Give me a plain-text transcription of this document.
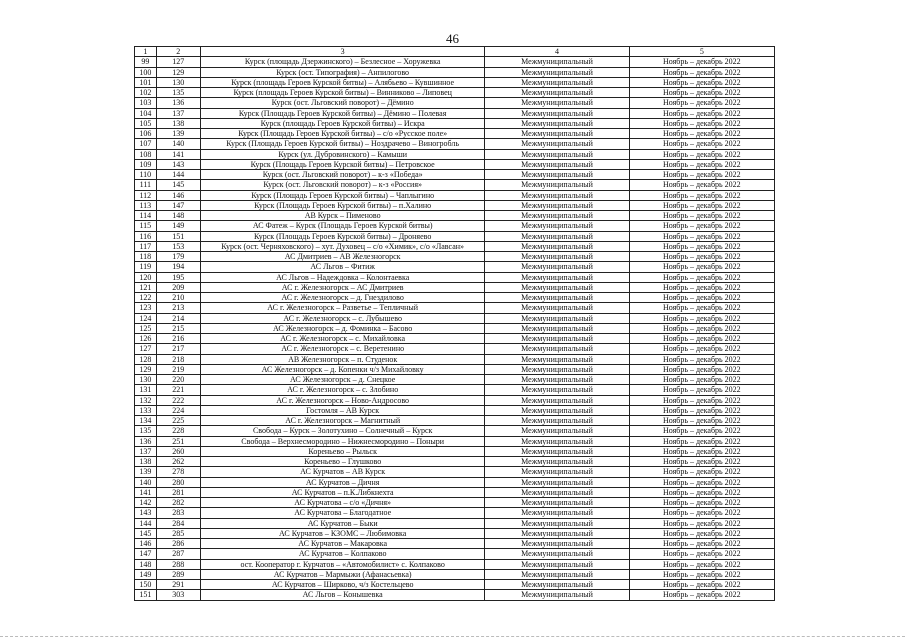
46
1	2	3	4	5
99	127	Курск (площадь Дзержинского) – Безлесное – Хоружевка	Межмуниципальный	Ноябрь – декабрь 2022
100	129	Курск (ост. Типография) – Анпилогово	Межмуниципальный	Ноябрь – декабрь 2022
101	130	Курск (площадь Героев Курской битвы) – Алябьево – Кувшинное	Межмуниципальный	Ноябрь – декабрь 2022
102	135	Курск (площадь Героев Курской битвы) – Винниково – Липовец	Межмуниципальный	Ноябрь – декабрь 2022
103	136	Курск (ост. Льговский поворот) – Дёмино	Межмуниципальный	Ноябрь – декабрь 2022
104	137	Курск (Площадь Героев Курской битвы) – Дёмино – Полевая	Межмуниципальный	Ноябрь – декабрь 2022
105	138	Курск (площадь Героев Курской битвы) – Искра	Межмуниципальный	Ноябрь – декабрь 2022
106	139	Курск (Площадь Героев Курской битвы) – с/о «Русское поле»	Межмуниципальный	Ноябрь – декабрь 2022
107	140	Курск (Площадь Героев Курской битвы) – Ноздрачево – Виногробль	Межмуниципальный	Ноябрь – декабрь 2022
108	141	Курск (ул. Дубровинского) – Камыши	Межмуниципальный	Ноябрь – декабрь 2022
109	143	Курск (Площадь Героев Курской битвы) – Петровское	Межмуниципальный	Ноябрь – декабрь 2022
110	144	Курск (ост. Льговский поворот) – к-з «Победа»	Межмуниципальный	Ноябрь – декабрь 2022
111	145	Курск (ост. Льговский поворот) – к-з «Россия»	Межмуниципальный	Ноябрь – декабрь 2022
112	146	Курск (Площадь Героев Курской битвы) – Чаплыгино	Межмуниципальный	Ноябрь – декабрь 2022
113	147	Курск (Площадь Героев Курской битвы) – п.Халино	Межмуниципальный	Ноябрь – декабрь 2022
114	148	АВ Курск – Пименово	Межмуниципальный	Ноябрь – декабрь 2022
115	149	АС Фатеж – Курск (Площадь Героев Курской битвы)	Межмуниципальный	Ноябрь – декабрь 2022
116	151	Курск (Площадь Героев Курской битвы) – Дроняево	Межмуниципальный	Ноябрь – декабрь 2022
117	153	Курск (ост. Черняховского) – хут. Духовец – с/о «Химик», с/о «Лавсан»	Межмуниципальный	Ноябрь – декабрь 2022
118	179	АС Дмитриев – АВ Железногорск	Межмуниципальный	Ноябрь – декабрь 2022
119	194	АС Льгов – Фитиж	Межмуниципальный	Ноябрь – декабрь 2022
120	195	АС Льгов – Надеждовка – Колонтаевка	Межмуниципальный	Ноябрь – декабрь 2022
121	209	АС г. Железногорск – АС Дмитриев	Межмуниципальный	Ноябрь – декабрь 2022
122	210	АС г. Железногорск – д. Гнездилово	Межмуниципальный	Ноябрь – декабрь 2022
123	213	АС г. Железногорск – Разветье – Тепличный	Межмуниципальный	Ноябрь – декабрь 2022
124	214	АС г. Железногорск – с. Лубышево	Межмуниципальный	Ноябрь – декабрь 2022
125	215	АС Железногорск – д. Фоминка – Басово	Межмуниципальный	Ноябрь – декабрь 2022
126	216	АС г. Железногорск – с. Михайловка	Межмуниципальный	Ноябрь – декабрь 2022
127	217	АС г. Железногорск – с. Веретенино	Межмуниципальный	Ноябрь – декабрь 2022
128	218	АВ Железногорск – п. Студенок	Межмуниципальный	Ноябрь – декабрь 2022
129	219	АС Железногорск – д. Копенки ч/з Михайловку	Межмуниципальный	Ноябрь – декабрь 2022
130	220	АС Железногорск – д. Снецкое	Межмуниципальный	Ноябрь – декабрь 2022
131	221	АС г. Железногорск – с. Злобино	Межмуниципальный	Ноябрь – декабрь 2022
132	222	АС г. Железногорск – Ново-Андросово	Межмуниципальный	Ноябрь – декабрь 2022
133	224	Гостомля – АВ Курск	Межмуниципальный	Ноябрь – декабрь 2022
134	225	АС г. Железногорск – Магнитный	Межмуниципальный	Ноябрь – декабрь 2022
135	228	Свобода – Курск – Золотухино – Солнечный – Курск	Межмуниципальный	Ноябрь – декабрь 2022
136	251	Свобода – Верхнесмородино – Нижнесмородино – Поныри	Межмуниципальный	Ноябрь – декабрь 2022
137	260	Кореньево – Рыльск	Межмуниципальный	Ноябрь – декабрь 2022
138	262	Кореньево – Глушково	Межмуниципальный	Ноябрь – декабрь 2022
139	278	АС Курчатов – АВ Курск	Межмуниципальный	Ноябрь – декабрь 2022
140	280	АС Курчатов – Дичня	Межмуниципальный	Ноябрь – декабрь 2022
141	281	АС Курчатов – п.К.Либкнехта	Межмуниципальный	Ноябрь – декабрь 2022
142	282	АС Курчатова – с/о «Дичня»	Межмуниципальный	Ноябрь – декабрь 2022
143	283	АС Курчатова – Благодатное	Межмуниципальный	Ноябрь – декабрь 2022
144	284	АС Курчатов – Быки	Межмуниципальный	Ноябрь – декабрь 2022
145	285	АС Курчатов – КЗОМС – Любимовка	Межмуниципальный	Ноябрь – декабрь 2022
146	286	АС Курчатов – Макаровка	Межмуниципальный	Ноябрь – декабрь 2022
147	287	АС Курчатов – Колпаково	Межмуниципальный	Ноябрь – декабрь 2022
148	288	ост. Кооператор г. Курчатов – «Автомобилист» с. Колпаково	Межмуниципальный	Ноябрь – декабрь 2022
149	289	АС Курчатов – Мармыжи (Афанасьевка)	Межмуниципальный	Ноябрь – декабрь 2022
150	291	АС Курчатов – Ширково, ч/з Костельцево	Межмуниципальный	Ноябрь – декабрь 2022
151	303	АС Льгов – Конышевка	Межмуниципальный	Ноябрь – декабрь 2022
